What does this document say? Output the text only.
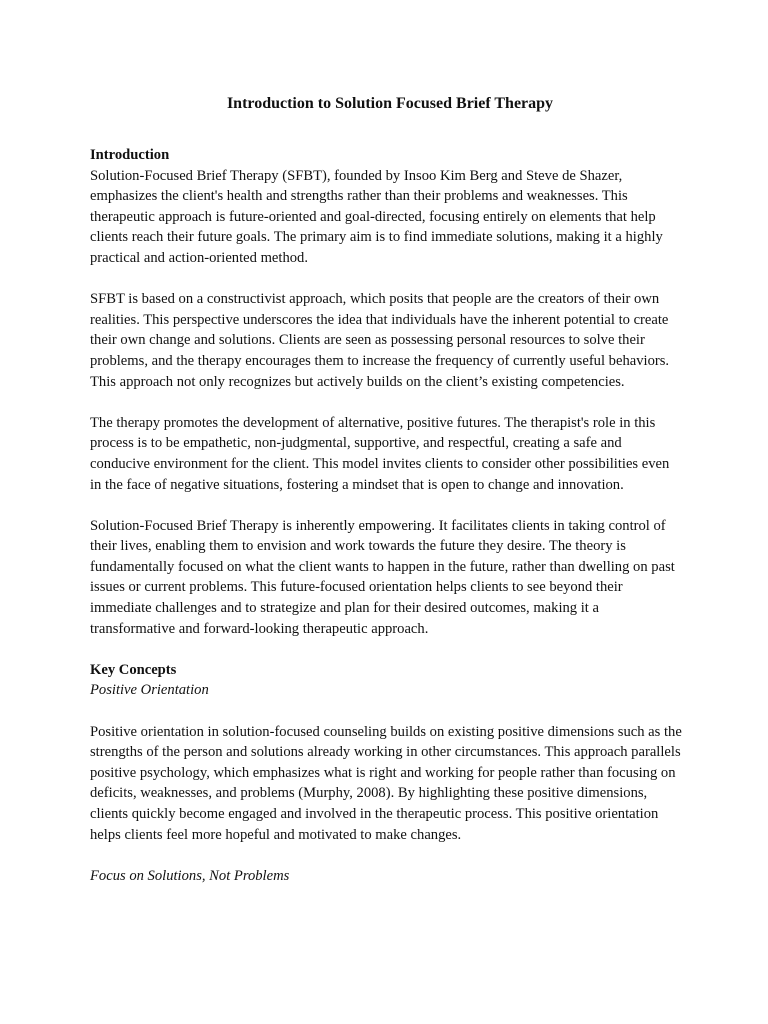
Introduction to Solution Focused Brief Therapy
Introduction

Solution-Focused Brief Therapy (SFBT), founded by Insoo Kim Berg and Steve de Shazer, emphasizes the client's health and strengths rather than their problems and weaknesses. This therapeutic approach is future-oriented and goal-directed, focusing entirely on elements that help clients reach their future goals. The primary aim is to find immediate solutions, making it a highly practical and action-oriented method.

SFBT is based on a constructivist approach, which posits that people are the creators of their own realities. This perspective underscores the idea that individuals have the inherent potential to create their own change and solutions. Clients are seen as possessing personal resources to solve their problems, and the therapy encourages them to increase the frequency of currently useful behaviors. This approach not only recognizes but actively builds on the client’s existing competencies.

The therapy promotes the development of alternative, positive futures. The therapist's role in this process is to be empathetic, non-judgmental, supportive, and respectful, creating a safe and conducive environment for the client. This model invites clients to consider other possibilities even in the face of negative situations, fostering a mindset that is open to change and innovation.

Solution-Focused Brief Therapy is inherently empowering. It facilitates clients in taking control of their lives, enabling them to envision and work towards the future they desire. The theory is fundamentally focused on what the client wants to happen in the future, rather than dwelling on past issues or current problems. This future-focused orientation helps clients to see beyond their immediate challenges and to strategize and plan for their desired outcomes, making it a transformative and forward-looking therapeutic approach.

Key Concepts
Positive Orientation

Positive orientation in solution-focused counseling builds on existing positive dimensions such as the strengths of the person and solutions already working in other circumstances. This approach parallels positive psychology, which emphasizes what is right and working for people rather than focusing on deficits, weaknesses, and problems (Murphy, 2008). By highlighting these positive dimensions, clients quickly become engaged and involved in the therapeutic process. This positive orientation helps clients feel more hopeful and motivated to make changes.

Focus on Solutions, Not Problems
